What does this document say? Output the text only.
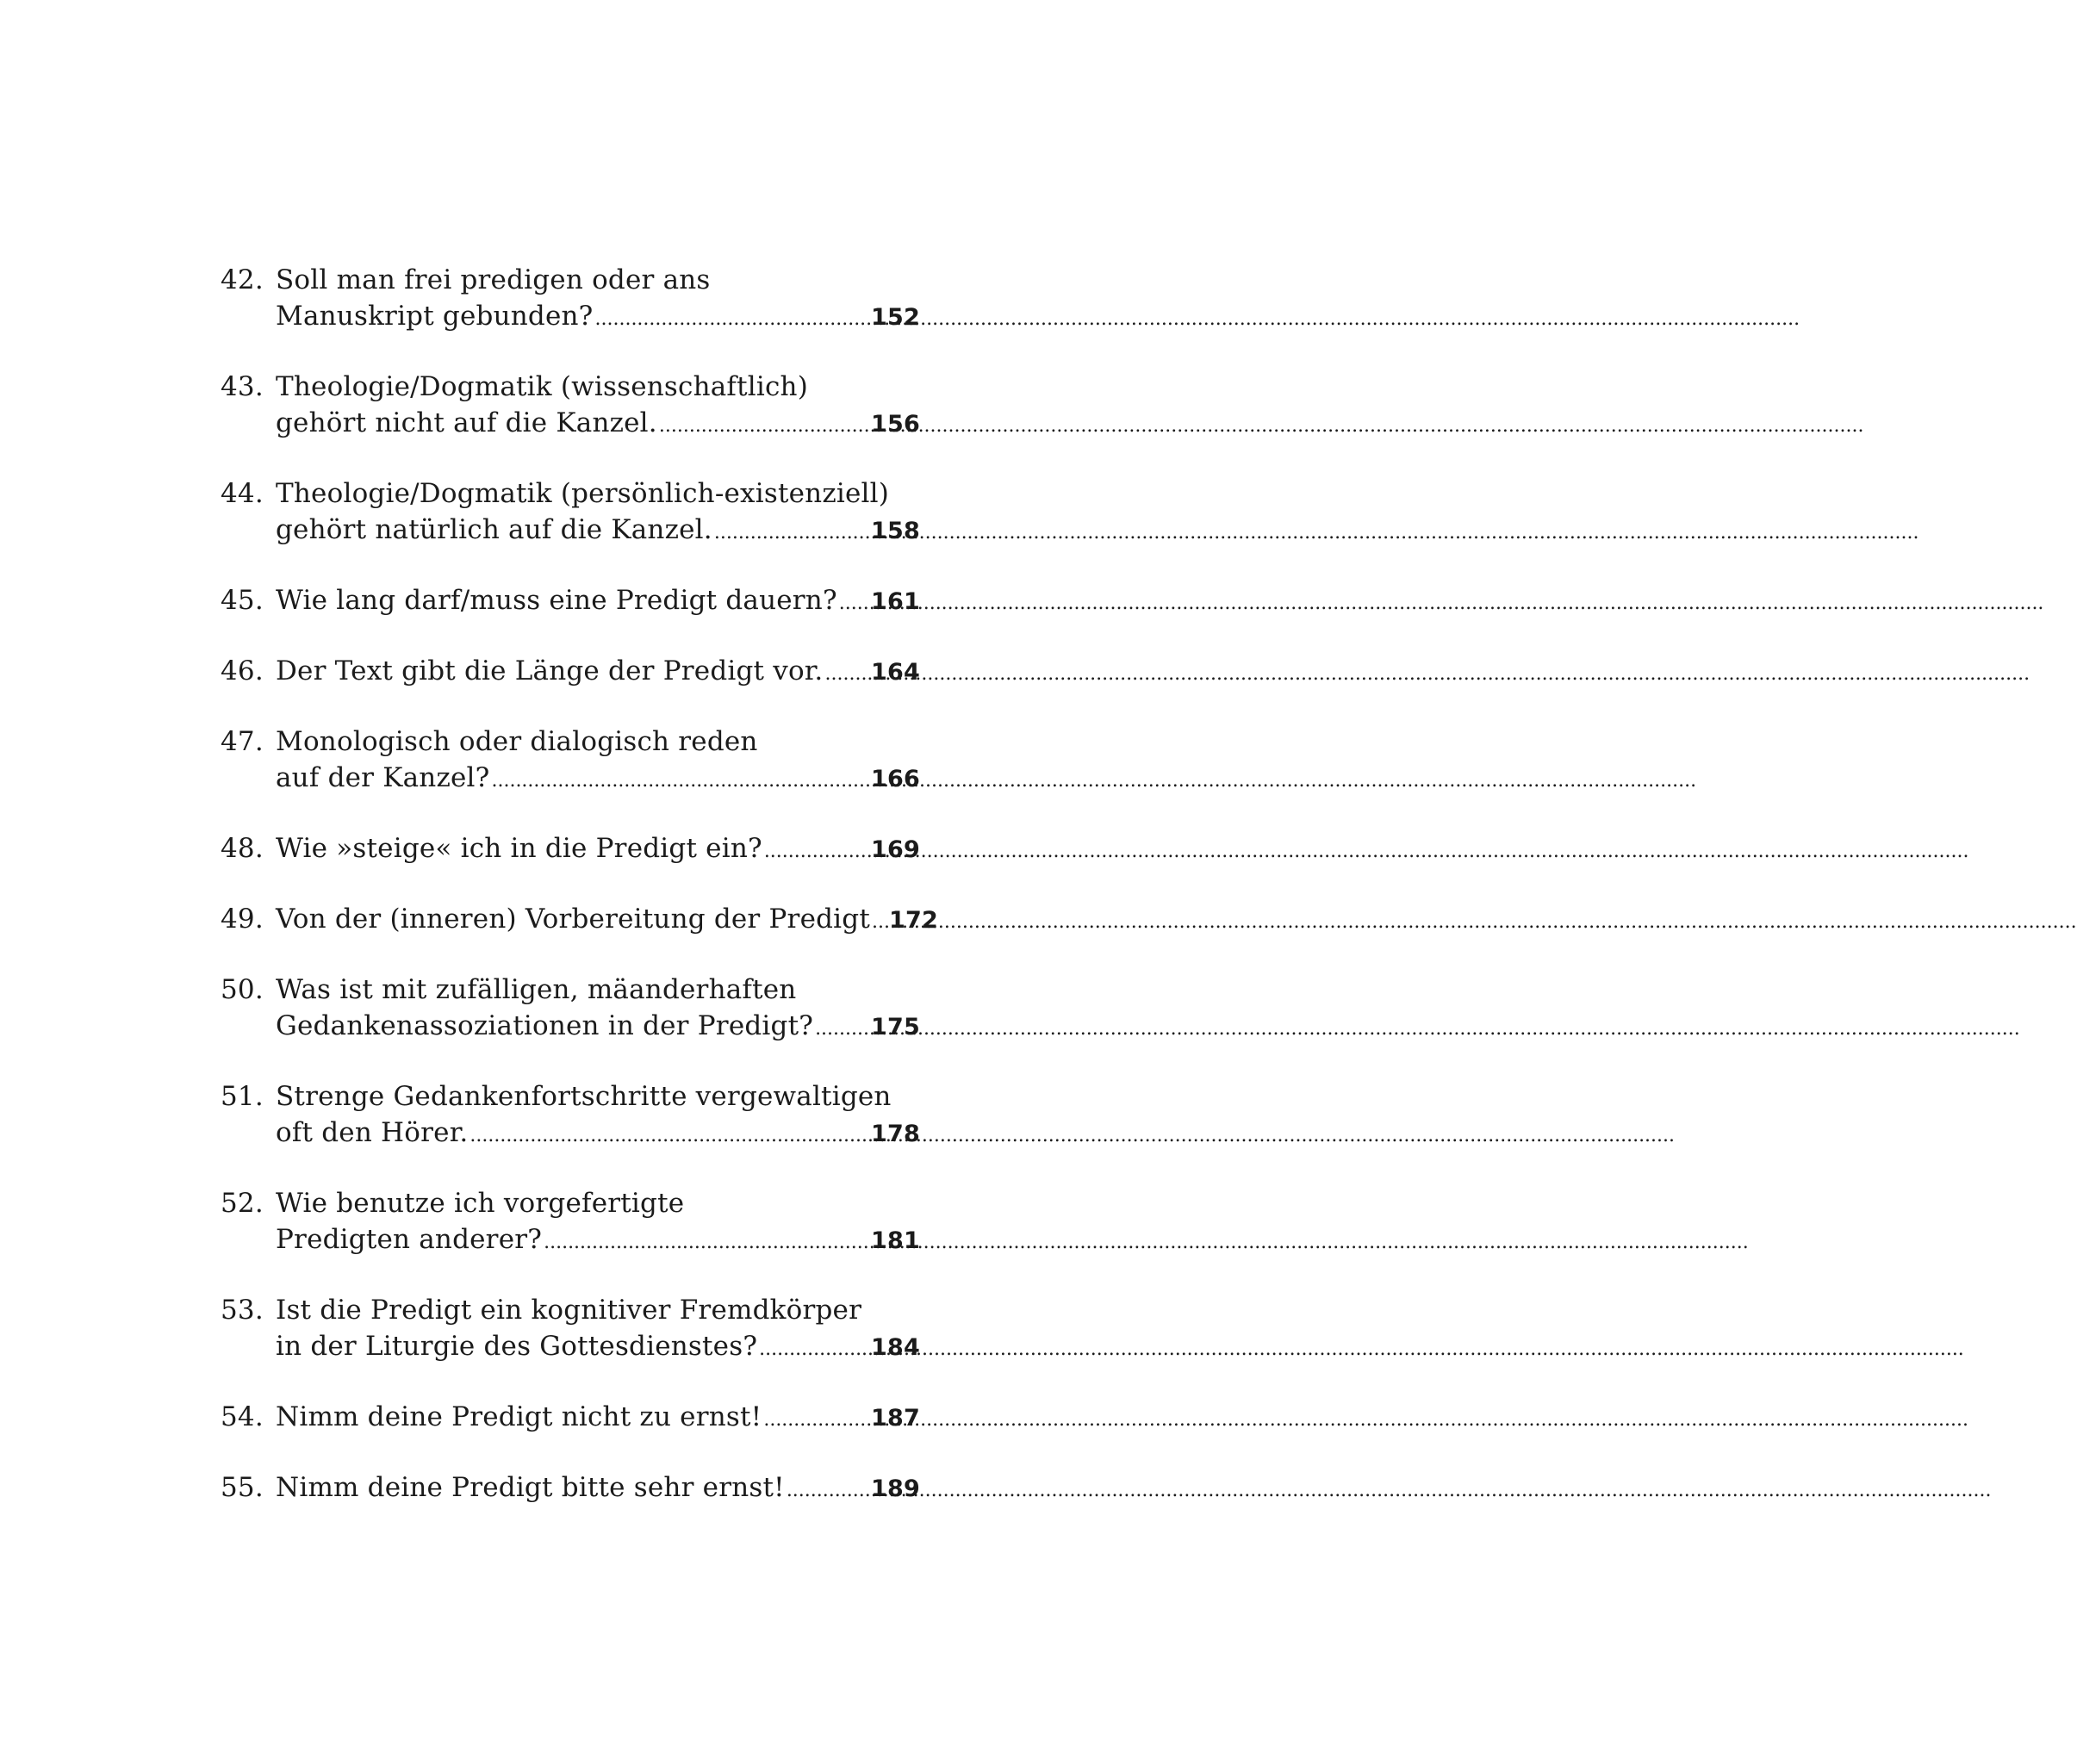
42. Soll man frei predigen oder ans
Manuskript gebunden? .....	152
43. Theologie/Dogmatik (wissenschaftlich)
gehört nicht auf die Kanzel. .....	156
44. Theologie/Dogmatik (persönlich-existenziell)
gehört natürlich auf die Kanzel. .....	158
45. Wie lang darf/muss eine Predigt dauern? ..... 161
46. Der Text gibt die Länge der Predigt vor. ..... 164
47. Monologisch oder dialogisch reden
auf der Kanzel? .....	166
48. Wie »steige« ich in die Predigt ein? .....	169
49. Von der (inneren) Vorbereitung der Predigt ..... 172
50. Was ist mit zufälligen, mäanderhaften
Gedankenassoziationen in der Predigt? ..... 175
51. Strenge Gedankenfortschritte vergewaltigen
oft den Hörer. .....	178
52. Wie benutze ich vorgefertigte
Predigten anderer? .....	181
53. Ist die Predigt ein kognitiver Fremdkörper
in der Liturgie des Gottesdienstes? .....	184
54. Nimm deine Predigt nicht zu ernst! .....	187
55. Nimm deine Predigt bitte sehr ernst! .....	189
